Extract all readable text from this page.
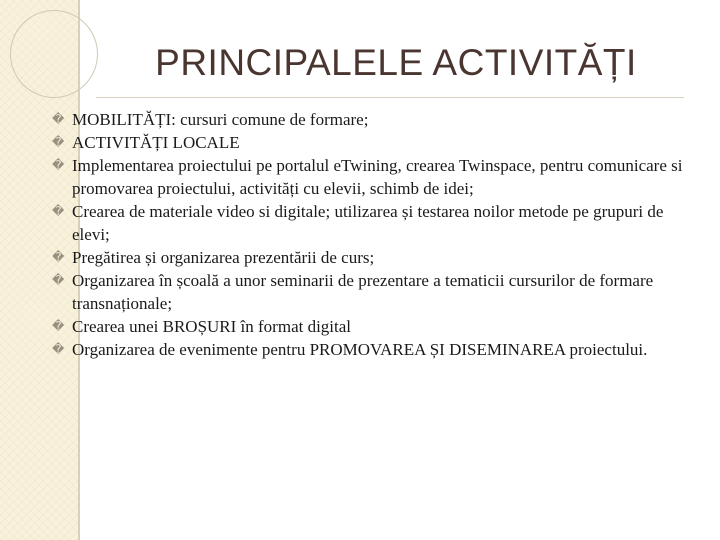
PRINCIPALELE ACTIVITĂȚI
� MOBILITĂȚI: cursuri comune de formare;
� ACTIVITĂȚI LOCALE
� Implementarea proiectului pe portalul eTwining, crearea Twinspace, pentru comunicare si promovarea proiectului, activități cu elevii, schimb de idei;
� Crearea de materiale video si digitale; utilizarea și testarea noilor metode pe grupuri de elevi;
� Pregătirea și organizarea prezentării de curs;
� Organizarea în școală a unor seminarii de prezentare a tematicii cursurilor de formare transnaționale;
� Crearea unei BROȘURI în format digital
� Organizarea de evenimente pentru PROMOVAREA ȘI DISEMINAREA proiectului.
